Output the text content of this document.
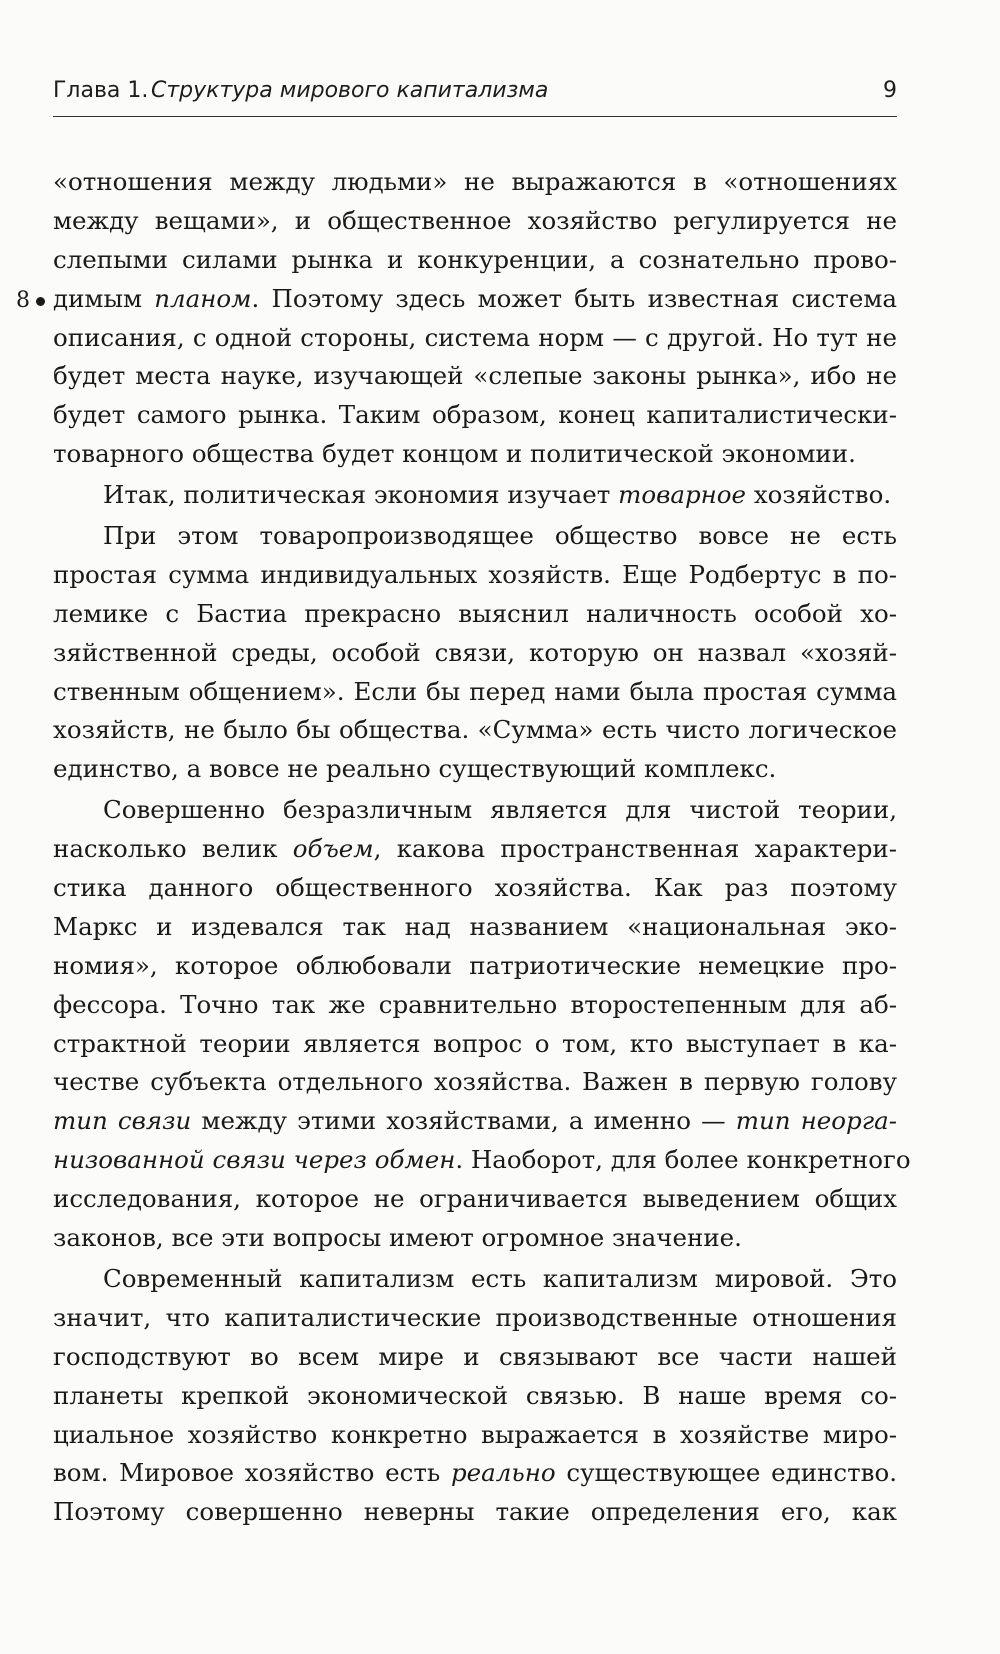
Глава 1. Структура мирового капитализма	9
8
«отношения между людьми» не выражаются в «отношениях
между вещами», и общественное хозяйство регулируется не
слепыми силами рынка и конкуренции, а сознательно прово-
димым планом. Поэтому здесь может быть известная система
описания, с одной стороны, система норм — с другой. Но тут не
будет места науке, изучающей «слепые законы рынка», ибо не
будет самого рынка. Таким образом, конец капиталистически-
товарного общества будет концом и политической экономии.
Итак, политическая экономия изучает товарное хозяйство.
При этом товаропроизводящее общество вовсе не есть
простая сумма индивидуальных хозяйств. Еще Родбертус в по-
лемике с Бастиа прекрасно выяснил наличность особой хо-
зяйственной среды, особой связи, которую он назвал «хозяй-
ственным общением». Если бы перед нами была простая сумма
хозяйств, не было бы общества. «Сумма» есть чисто логическое
единство, а вовсе не реально существующий комплекс.
Совершенно безразличным является для чистой теории,
насколько велик объем, какова пространственная характери-
стика данного общественного хозяйства. Как раз поэтому
Маркс и издевался так над названием «национальная эко-
номия», которое облюбовали патриотические немецкие про-
фессора. Точно так же сравнительно второстепенным для аб-
страктной теории является вопрос о том, кто выступает в ка-
честве субъекта отдельного хозяйства. Важен в первую голову
тип связи между этими хозяйствами, а именно — тип неорга-
низованной связи через обмен. Наоборот, для более конкретного
исследования, которое не ограничивается выведением общих
законов, все эти вопросы имеют огромное значение.
Современный капитализм есть капитализм мировой. Это
значит, что капиталистические производственные отношения
господствуют во всем мире и связывают все части нашей
планеты крепкой экономической связью. В наше время со-
циальное хозяйство конкретно выражается в хозяйстве миро-
вом. Мировое хозяйство есть реально существующее единство.
Поэтому совершенно неверны такие определения его, как
